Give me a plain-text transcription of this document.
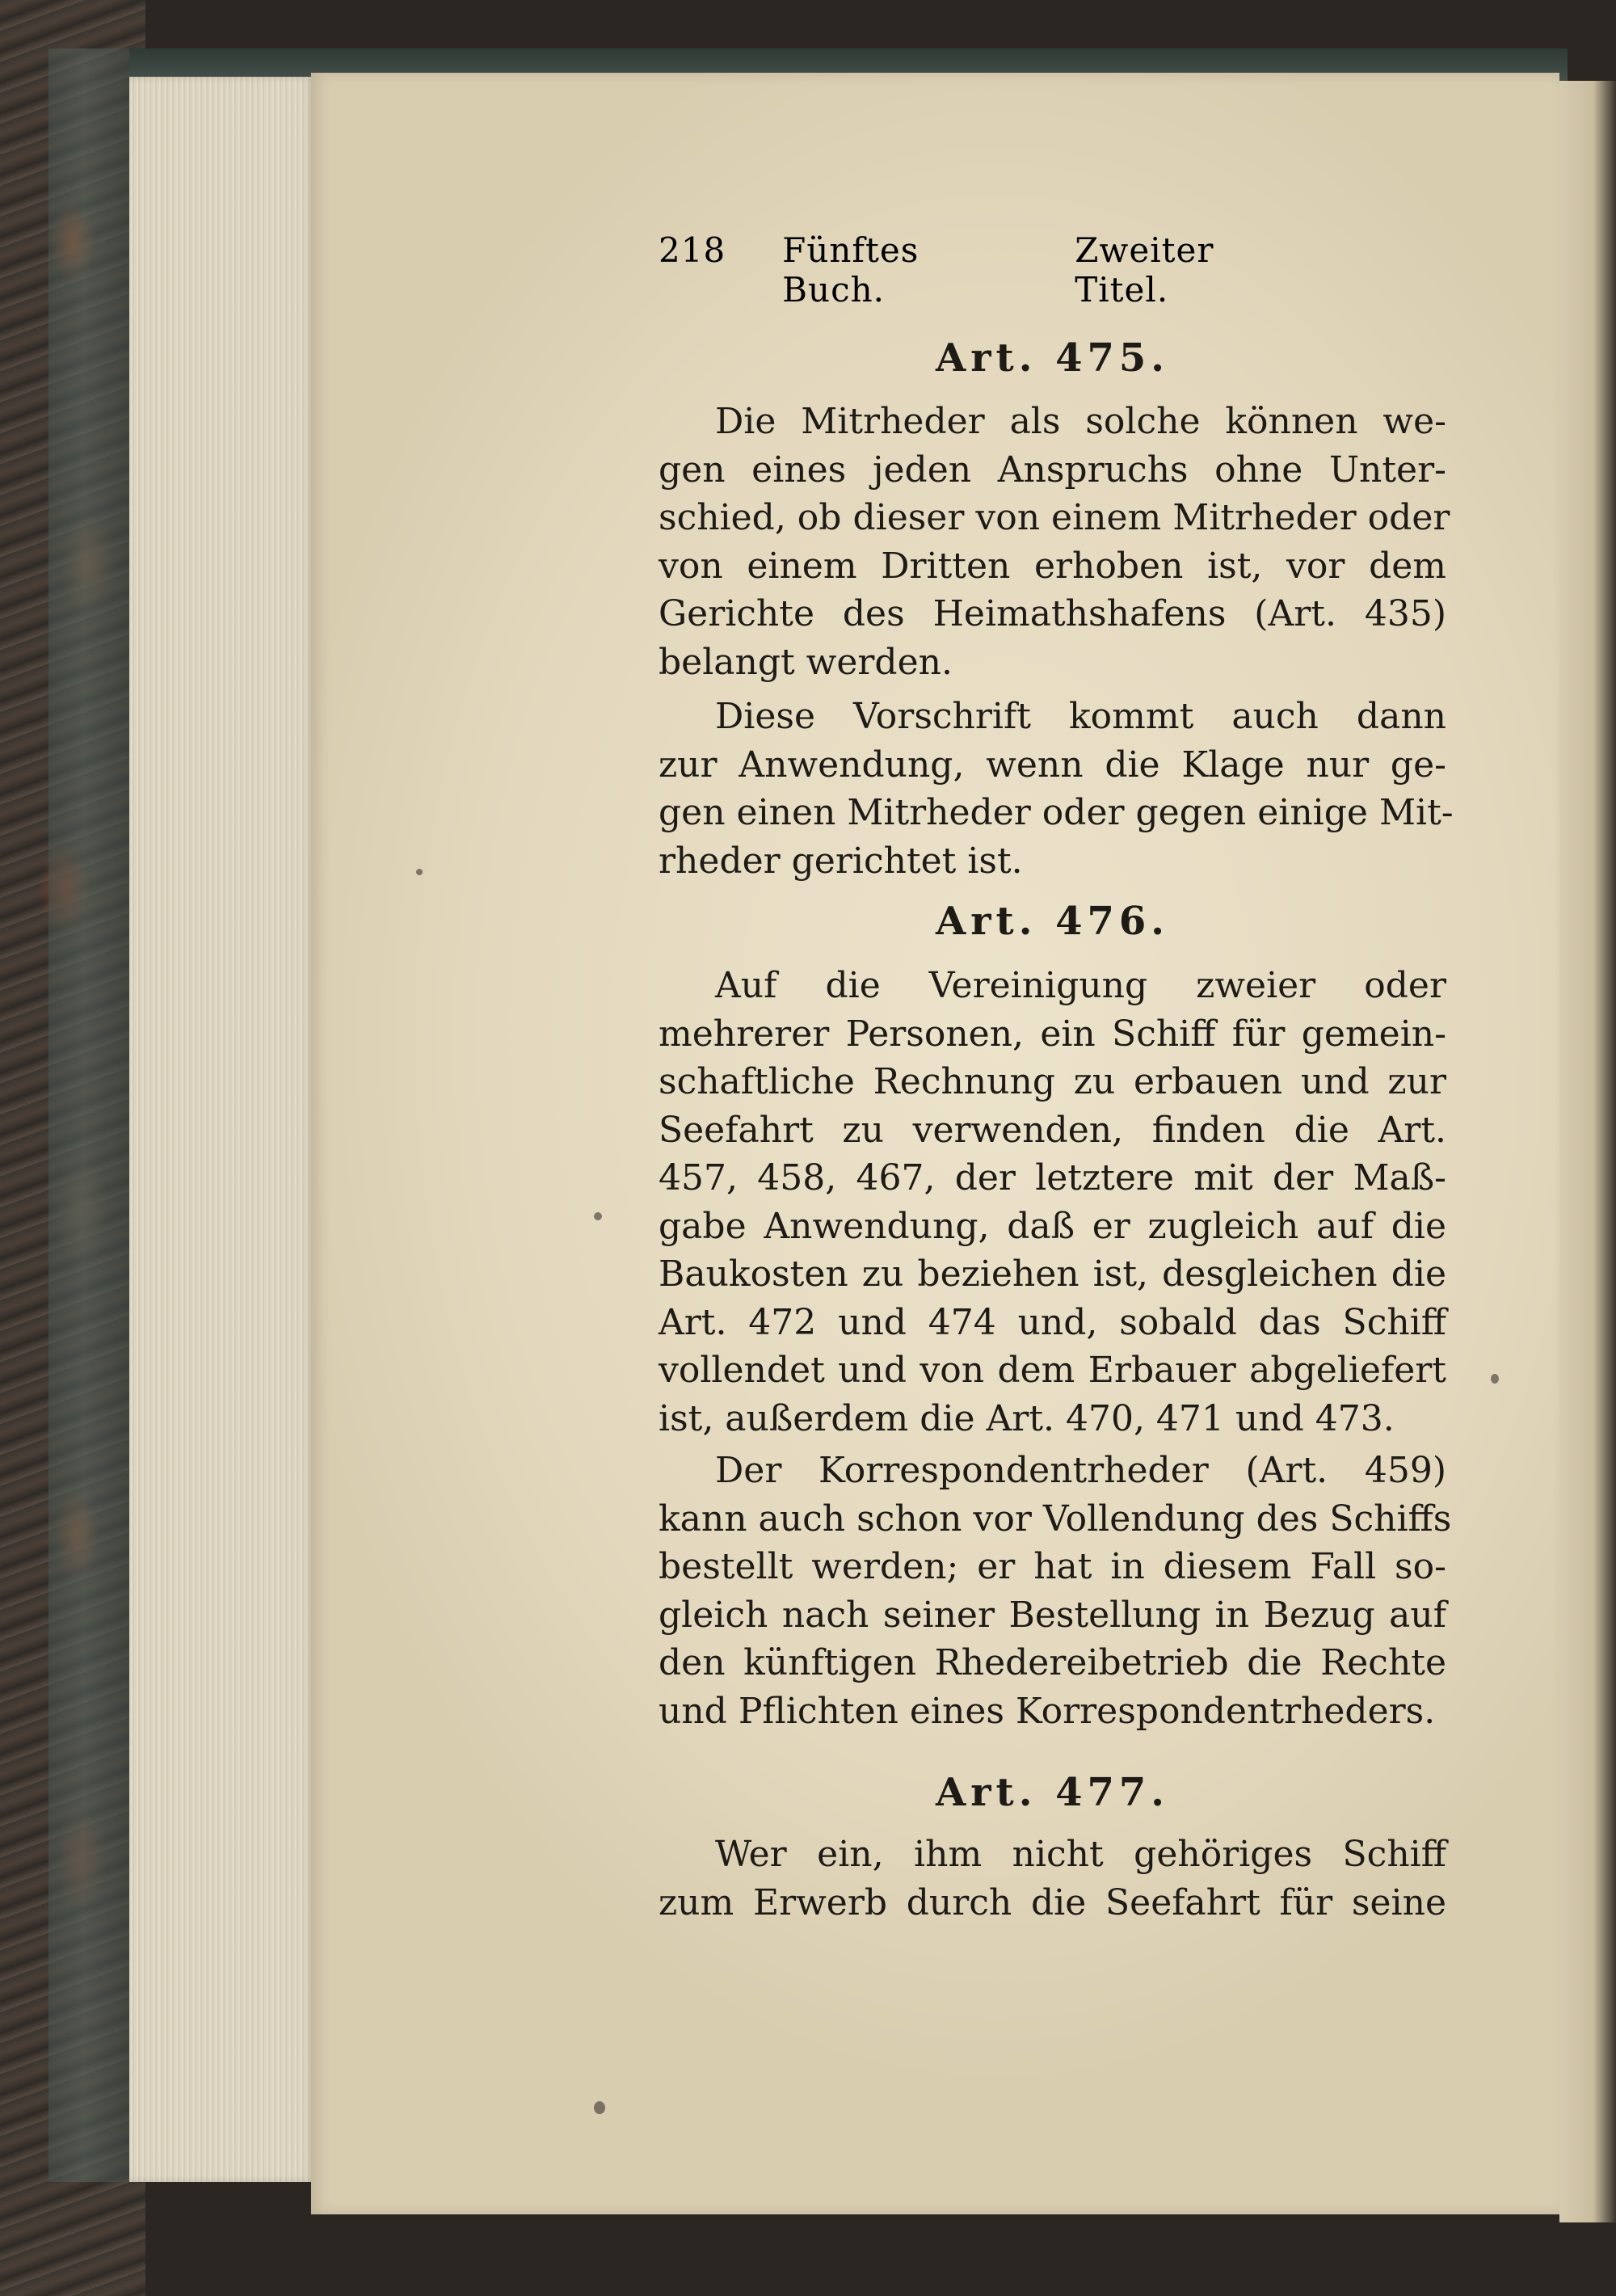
218 Fünftes Buch.
Zweiter Titel.
Art. 475.

Die Mitrheder als solche können we-
gen eines jeden Anspruchs ohne Unter-
schied, ob dieser von einem Mitrheder oder
von einem Dritten erhoben ist, vor dem
Gerichte des Heimathshafens (Art. 435)
belangt werden.

Diese Vorschrift kommt auch dann
zur Anwendung, wenn die Klage nur ge-
gen einen Mitrheder oder gegen einige Mit-
rheder gerichtet ist.

Art. 476.

Auf die Vereinigung zweier oder
mehrerer Personen, ein Schiff für gemein-
schaftliche Rechnung zu erbauen und zur
Seefahrt zu verwenden, finden die Art.
457, 458, 467, der letztere mit der Maß-
gabe Anwendung, daß er zugleich auf die
Baukosten zu beziehen ist, desgleichen die
Art. 472 und 474 und, sobald das Schiff
vollendet und von dem Erbauer abgeliefert
ist, außerdem die Art. 470, 471 und 473.

Der Korrespondentrheder (Art. 459)
kann auch schon vor Vollendung des Schiffs
bestellt werden; er hat in diesem Fall so-
gleich nach seiner Bestellung in Bezug auf
den künftigen Rhedereibetrieb die Rechte
und Pflichten eines Korrespondentrheders.

Art. 477.

Wer ein, ihm nicht gehöriges Schiff
zum Erwerb durch die Seefahrt für seine
